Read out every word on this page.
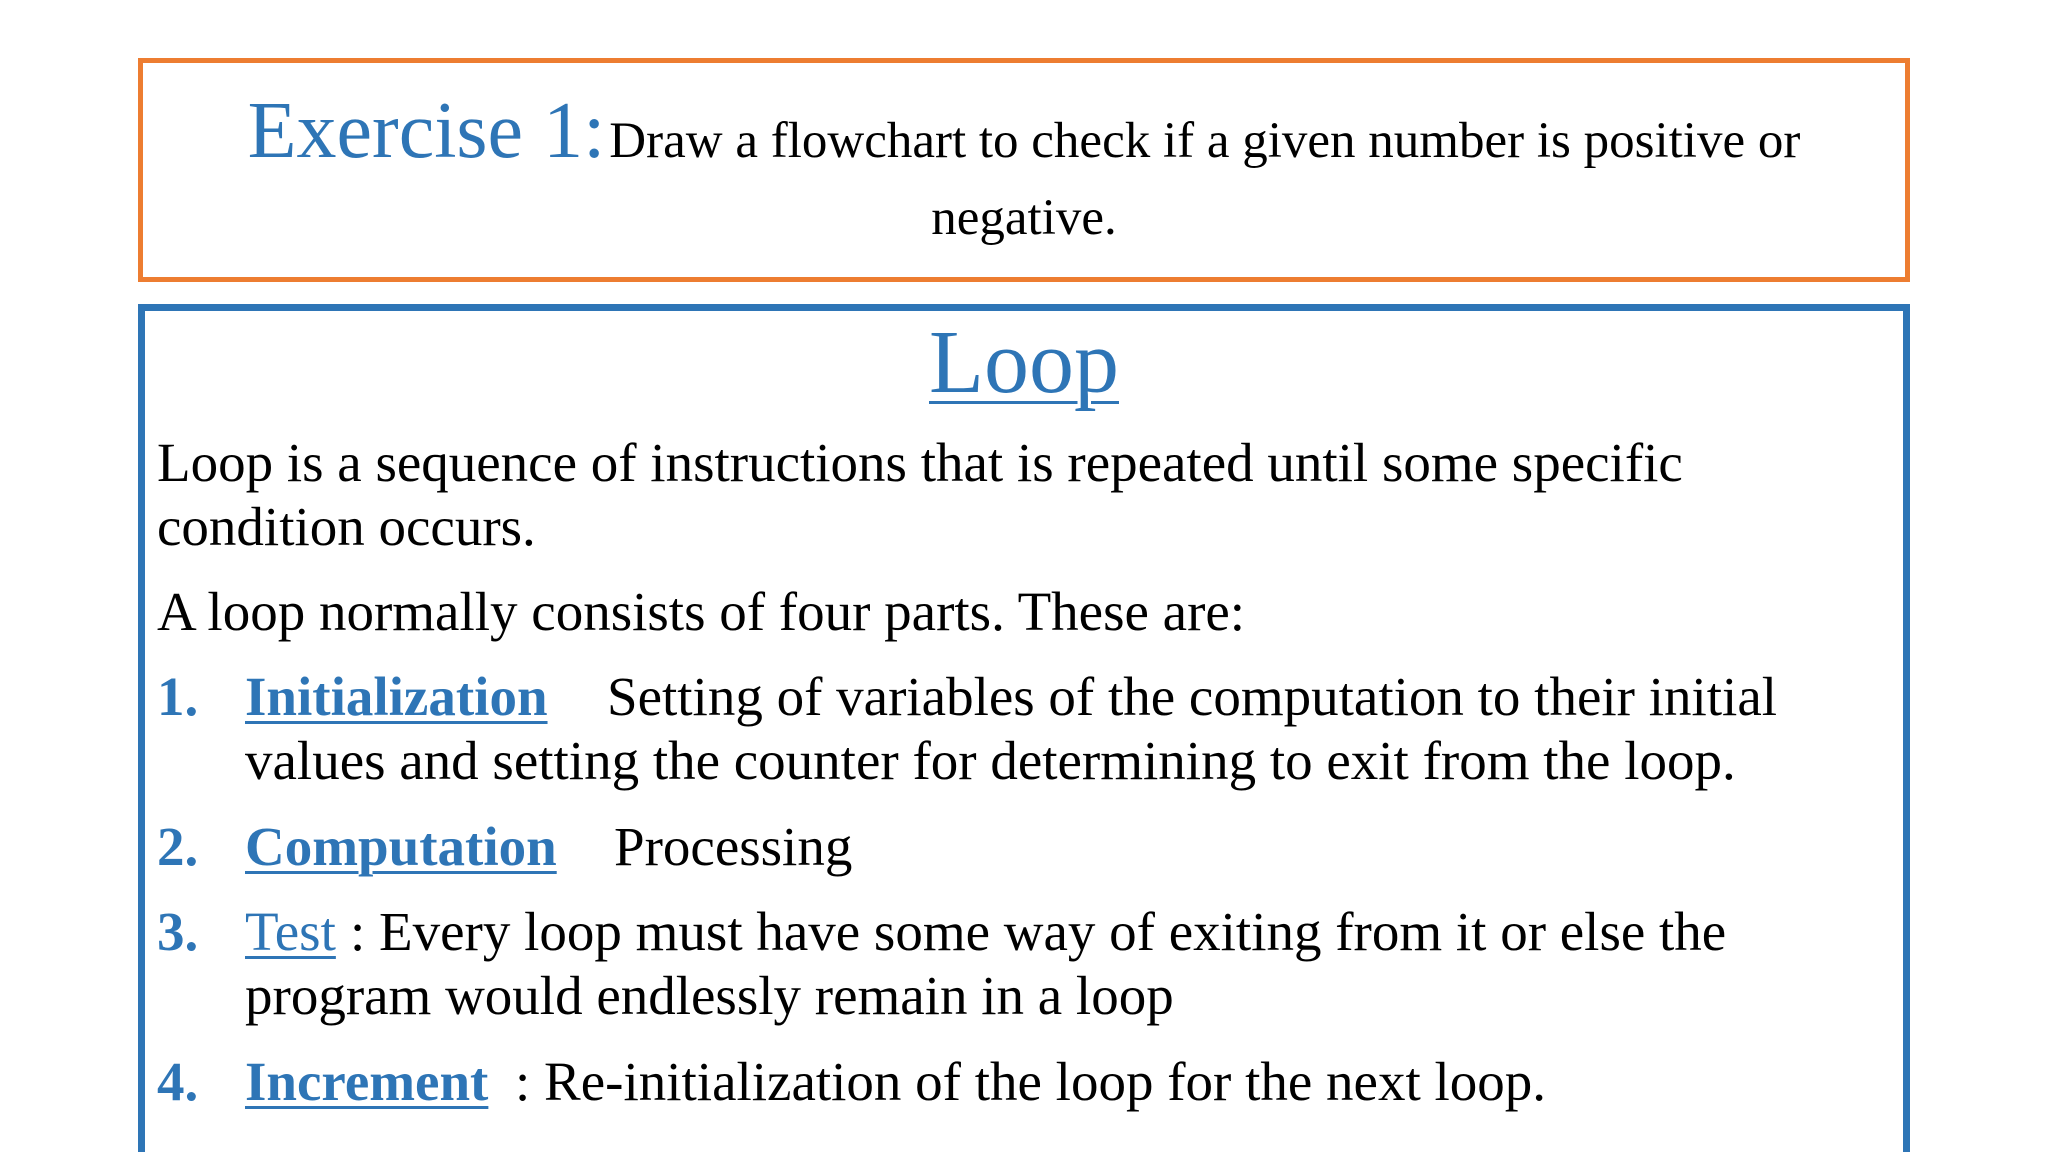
Exercise 1: Draw a flowchart to check if a given number is positive or
negative.
Loop
Loop is a sequence of instructions that is repeated until some specific
condition occurs.
A loop normally consists of four parts. These are:
1. Initialization Setting of variables of the computation to their initial
values and setting the counter for determining to exit from the loop.
2. Computation Processing
3. Test : Every loop must have some way of exiting from it or else the
program would endlessly remain in a loop
4. Increment : Re-initialization of the loop for the next loop.
